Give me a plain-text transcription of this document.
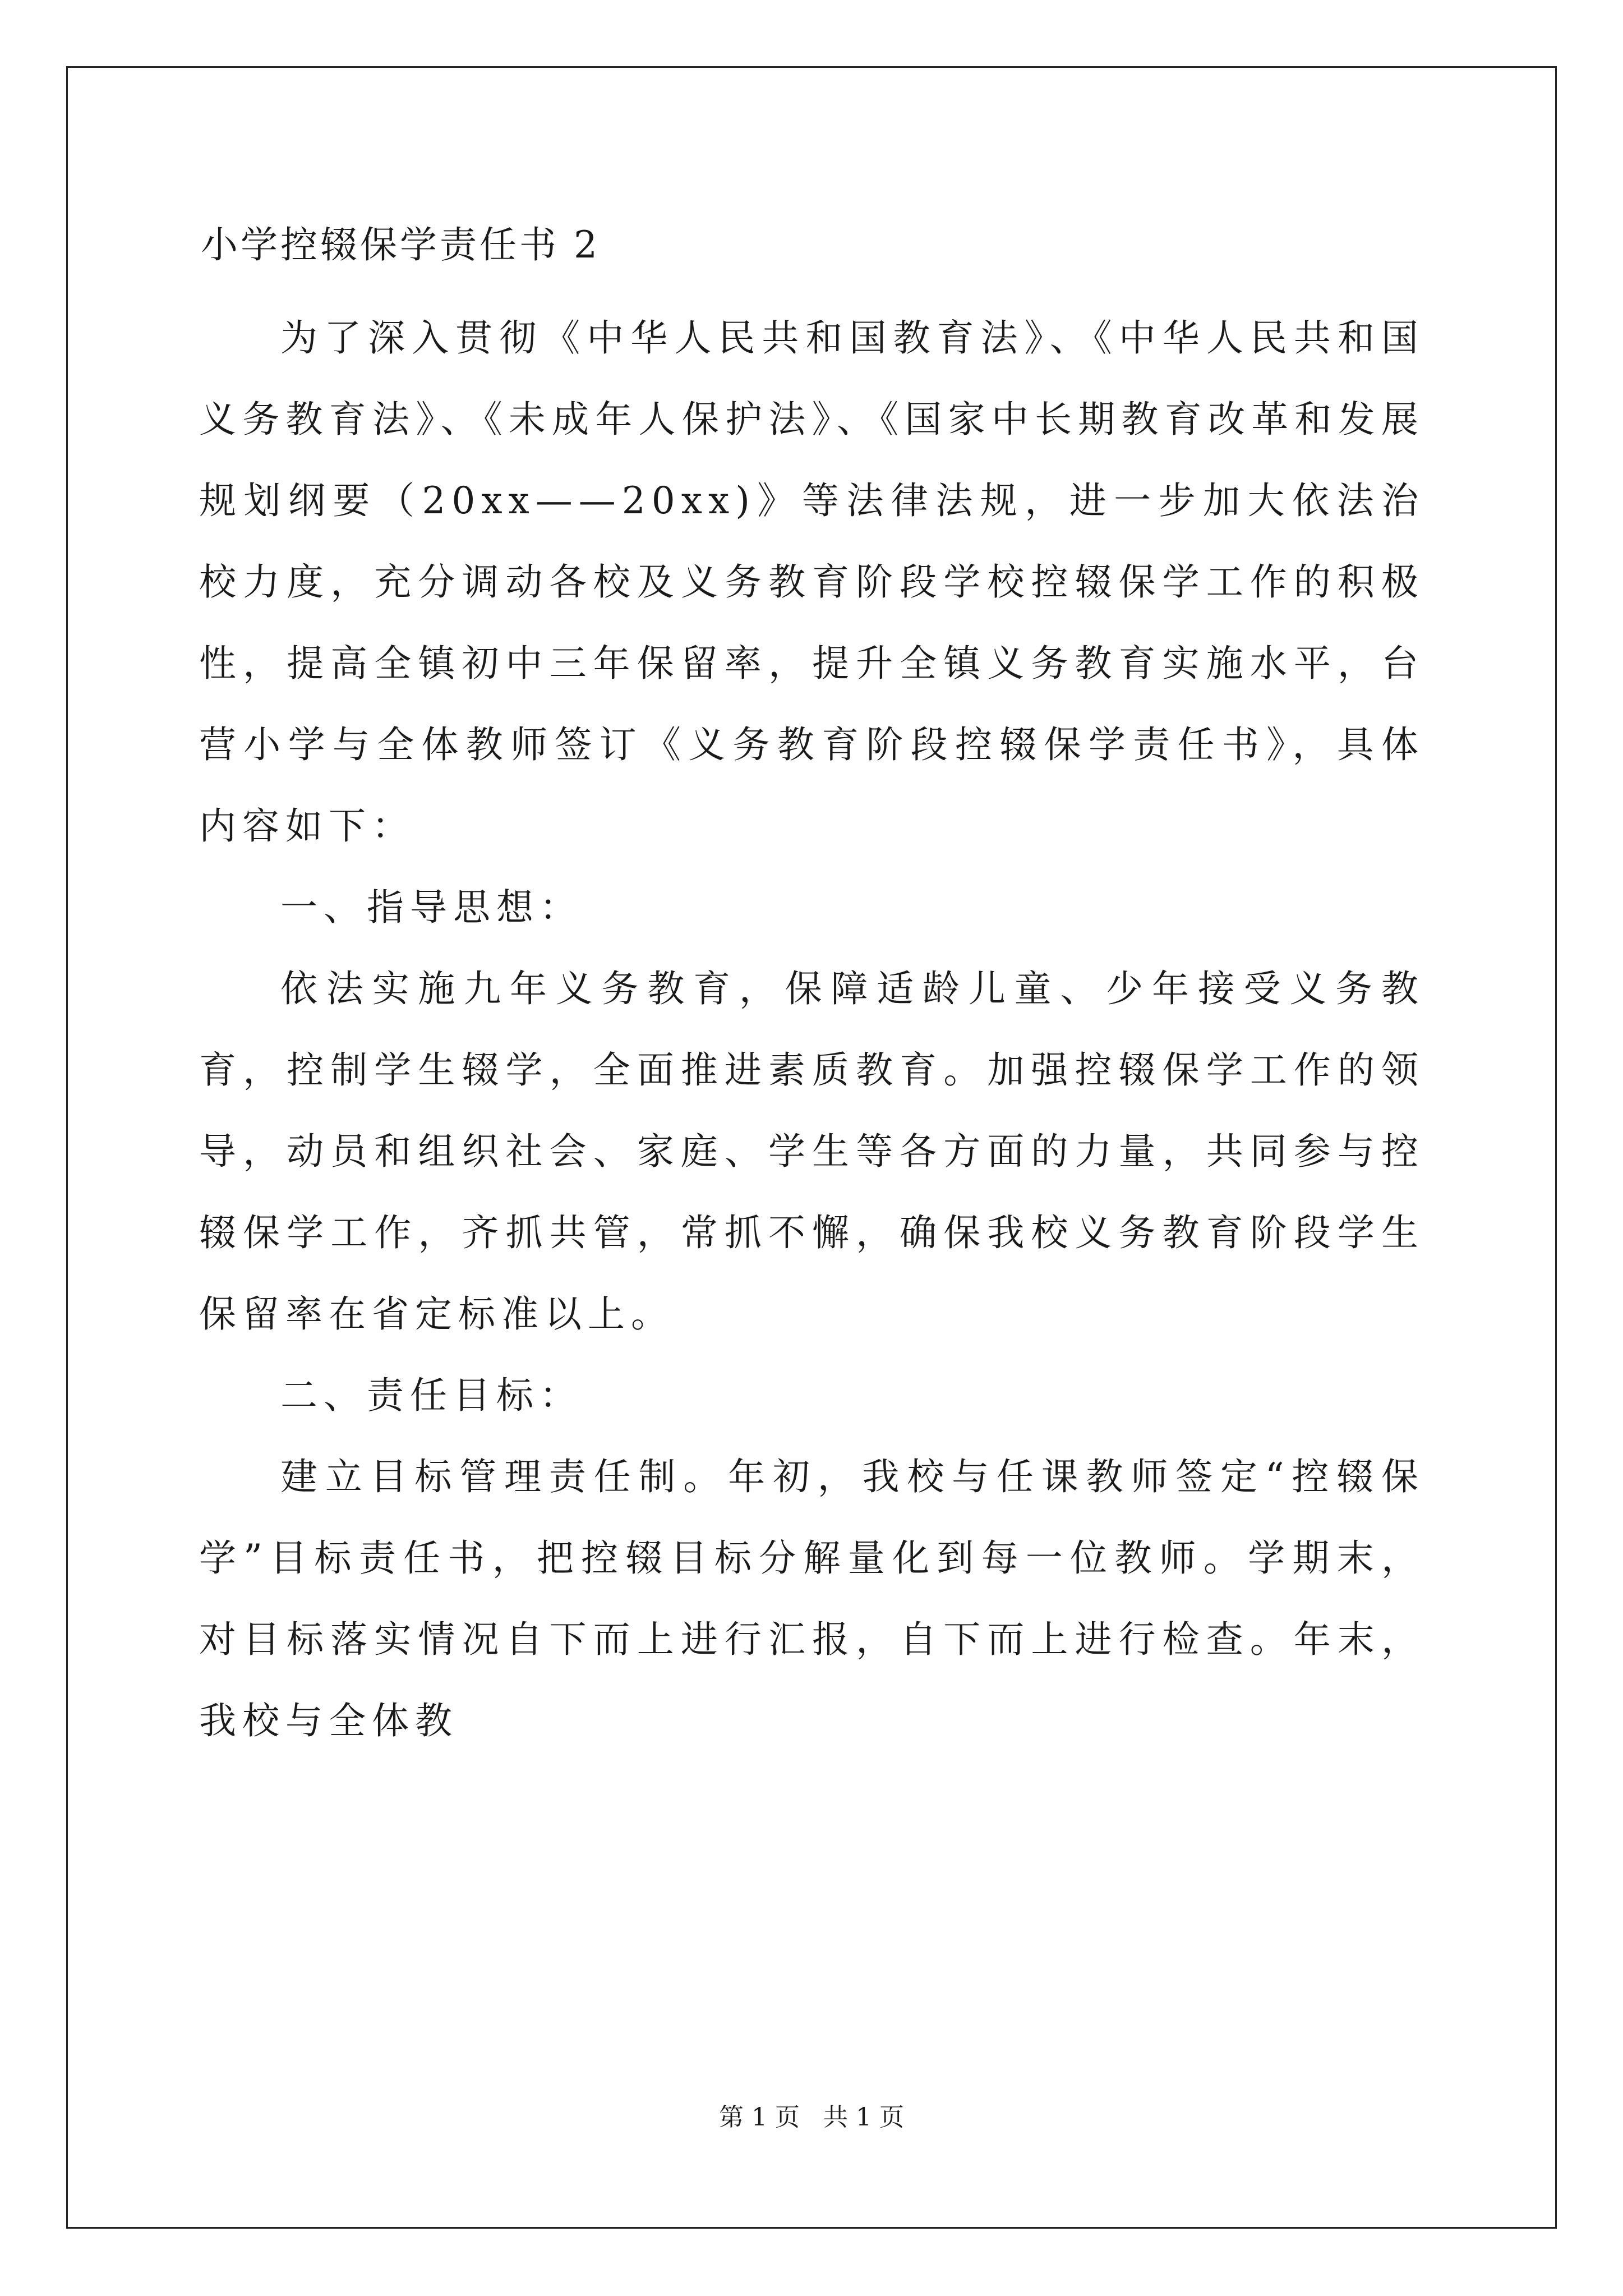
小学控辍保学责任书 2

为了深入贯彻《中华人民共和国教育法》、《中华人民共和国义务教育法》、《未成年人保护法》、《国家中长期教育改革和发展规划纲要（20xx——20xx)》等法律法规，进一步加大依法治校力度，充分调动各校及义务教育阶段学校控辍保学工作的积极性，提高全镇初中三年保留率，提升全镇义务教育实施水平，台营小学与全体教师签订《义务教育阶段控辍保学责任书》，具体内容如下：

一、指导思想：

依法实施九年义务教育，保障适龄儿童、少年接受义务教育，控制学生辍学，全面推进素质教育。加强控辍保学工作的领导，动员和组织社会、家庭、学生等各方面的力量，共同参与控辍保学工作，齐抓共管，常抓不懈，确保我校义务教育阶段学生保留率在省定标准以上。

二、责任目标：

建立目标管理责任制。年初，我校与任课教师签定“控辍保学”目标责任书，把控辍目标分解量化到每一位教师。学期末，对目标落实情况自下而上进行汇报，自下而上进行检查。年末，我校与全体教

第 1 页   共 1 页
